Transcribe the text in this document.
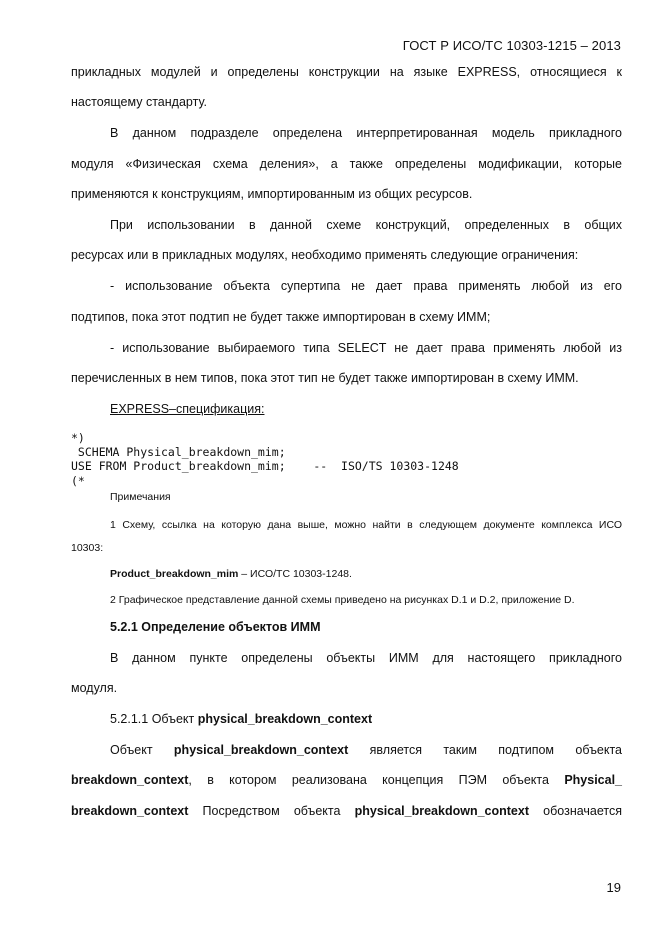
ГОСТ Р ИСО/ТС 10303-1215 – 2013
прикладных модулей и определены конструкции на языке EXPRESS, относящиеся к
настоящему стандарту.
В данном подразделе определена интерпретированная модель прикладного
модуля «Физическая схема деления», а также определены модификации, которые
применяются к конструкциям, импортированным из общих ресурсов.
При использовании в данной схеме конструкций, определенных в общих
ресурсах или в прикладных модулях, необходимо применять следующие ограничения:
- использование объекта супертипа не дает права применять любой из его
подтипов, пока этот подтип не будет также импортирован в схему ИММ;
- использование выбираемого типа SELECT не дает права применять любой из
перечисленных в нем типов, пока этот тип не будет также импортирован в схему ИММ.
EXPRESS–спецификация:
*)
SCHEMA Physical_breakdown_mim;
USE FROM Product_breakdown_mim;    --  ISO/TS 10303-1248
(*
Примечания
1 Схему, ссылка на которую дана выше, можно найти в следующем документе комплекса ИСО
10303:
Product_breakdown_mim – ИСО/ТС 10303-1248.
2 Графическое представление данной схемы приведено на рисунках D.1 и D.2, приложение D.
5.2.1 Определение объектов ИММ
В данном пункте определены объекты ИММ для настоящего прикладного
модуля.
5.2.1.1 Объект physical_breakdown_context
Объект physical_breakdown_context является таким подтипом объекта
breakdown_context, в котором реализована концепция ПЭМ объекта Physical_
breakdown_context Посредством объекта physical_breakdown_context обозначается
19
